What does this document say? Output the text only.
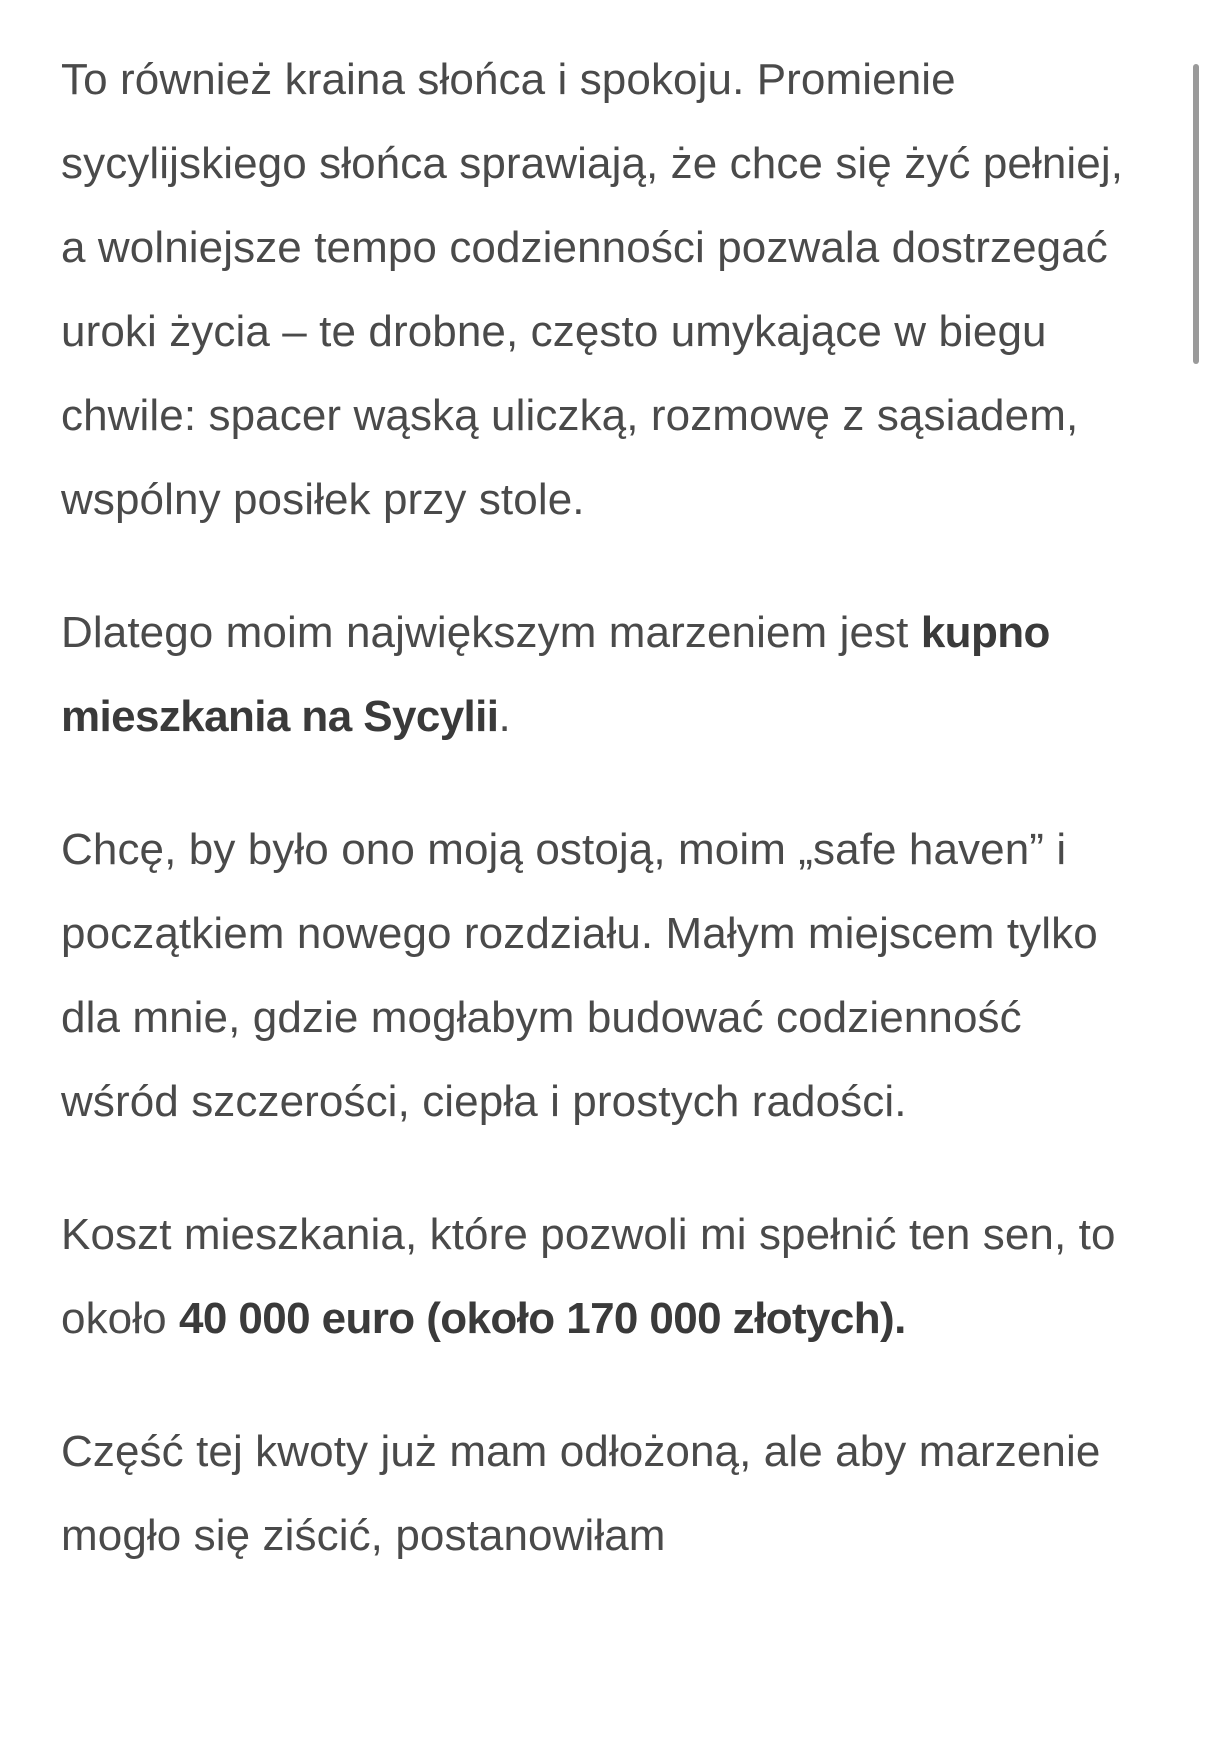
To również kraina słońca i spokoju. Promienie sycylijskiego słońca sprawiają, że chce się żyć pełniej, a wolniejsze tempo codzienności pozwala dostrzegać uroki życia – te drobne, często umykające w biegu chwile: spacer wąską uliczką, rozmowę z sąsiadem, wspólny posiłek przy stole.

Dlatego moim największym marzeniem jest kupno mieszkania na Sycylii.

Chcę, by było ono moją ostoją, moim „safe haven” i początkiem nowego rozdziału. Małym miejscem tylko dla mnie, gdzie mogłabym budować codzienność wśród szczerości, ciepła i prostych radości.

Koszt mieszkania, które pozwoli mi spełnić ten sen, to około 40 000 euro (około 170 000 złotych).

Część tej kwoty już mam odłożoną, ale aby marzenie mogło się ziścić, postanowiłam
